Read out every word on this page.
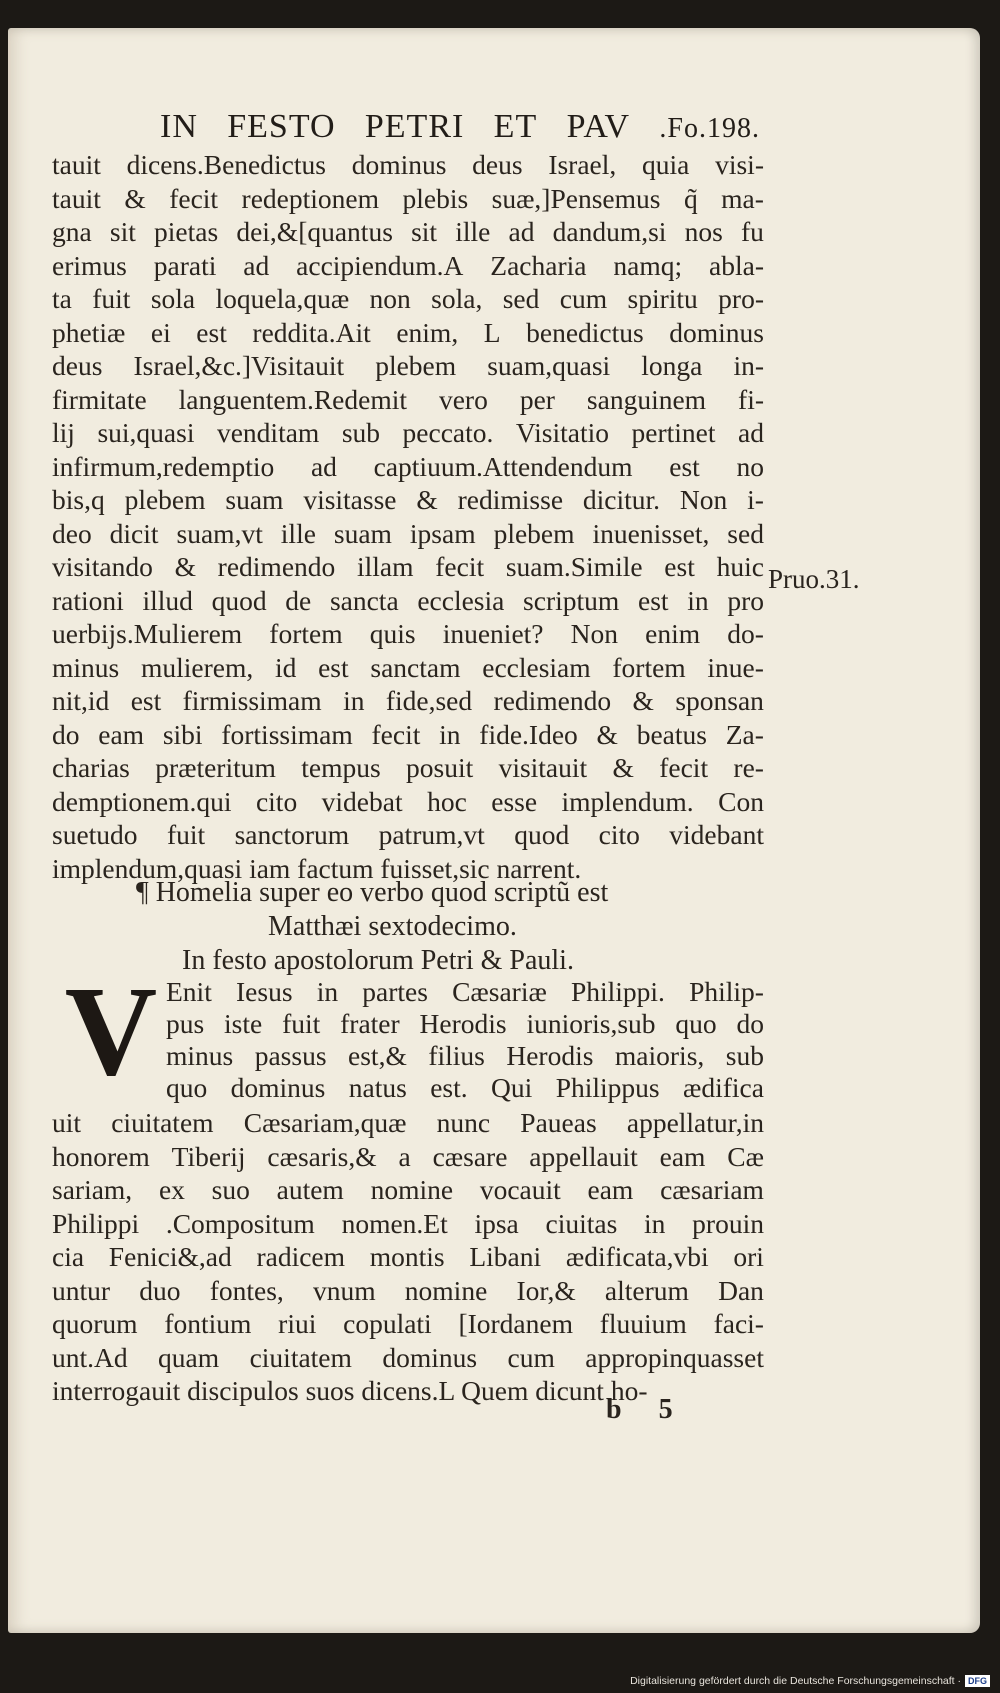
IN FESTO PETRI ET PAV .Fo.198.
tauit dicens.Benedictus dominus deus Israel, quia visi-
tauit & fecit redeptionem plebis suæ,]Pensemus q̃ ma-
gna sit pietas dei,&[quantus sit ille ad dandum,si nos fu
erimus parati ad accipiendum.A Zacharia namq; abla-
ta fuit sola loquela,quæ non sola, sed cum spiritu pro-
phetiæ ei est reddita.Ait enim, L benedictus dominus
deus Israel,&c.]Visitauit plebem suam,quasi longa in-
firmitate languentem.Redemit vero per sanguinem fi-
lij sui,quasi venditam sub peccato. Visitatio pertinet ad
infirmum,redemptio ad captiuum.Attendendum est no
bis,q plebem suam visitasse & redimisse dicitur. Non i-
deo dicit suam,vt ille suam ipsam plebem inuenisset, sed
visitando & redimendo illam fecit suam.Simile est huic
rationi illud quod de sancta ecclesia scriptum est in pro
uerbijs.Mulierem fortem quis inueniet? Non enim do-
minus mulierem, id est sanctam ecclesiam fortem inue-
nit,id est firmissimam in fide,sed redimendo & sponsan
do eam sibi fortissimam fecit in fide.Ideo & beatus Za-
charias præteritum tempus posuit visitauit & fecit re-
demptionem.qui cito videbat hoc esse implendum. Con
suetudo fuit sanctorum patrum,vt quod cito videbant
implendum,quasi iam factum fuisset,sic narrent.
Pruo.31.
¶ Homelia super eo verbo quod scriptũ est
Matthæi sextodecimo.
In festo apostolorum Petri & Pauli.
V Enit Iesus in partes Cæsariæ Philippi. Philip-
pus iste fuit frater Herodis iunioris,sub quo do
minus passus est,& filius Herodis maioris, sub
quo dominus natus est. Qui Philippus ædifica
uit ciuitatem Cæsariam,quæ nunc Paueas appellatur,in
honorem Tiberij cæsaris,& a cæsare appellauit eam Cæ
sariam, ex suo autem nomine vocauit eam cæsariam
Philippi .Compositum nomen.Et ipsa ciuitas in prouin
cia Fenici&,ad radicem montis Libani ædificata,vbi ori
untur duo fontes, vnum nomine Ior,& alterum Dan
quorum fontium riui copulati [Iordanem fluuium faci-
unt.Ad quam ciuitatem dominus cum appropinquasset
interrogauit discipulos suos dicens.L Quem dicunt ho-
b 5
Digitalisierung gefördert durch die Deutsche Forschungsgemeinschaft · DFG
